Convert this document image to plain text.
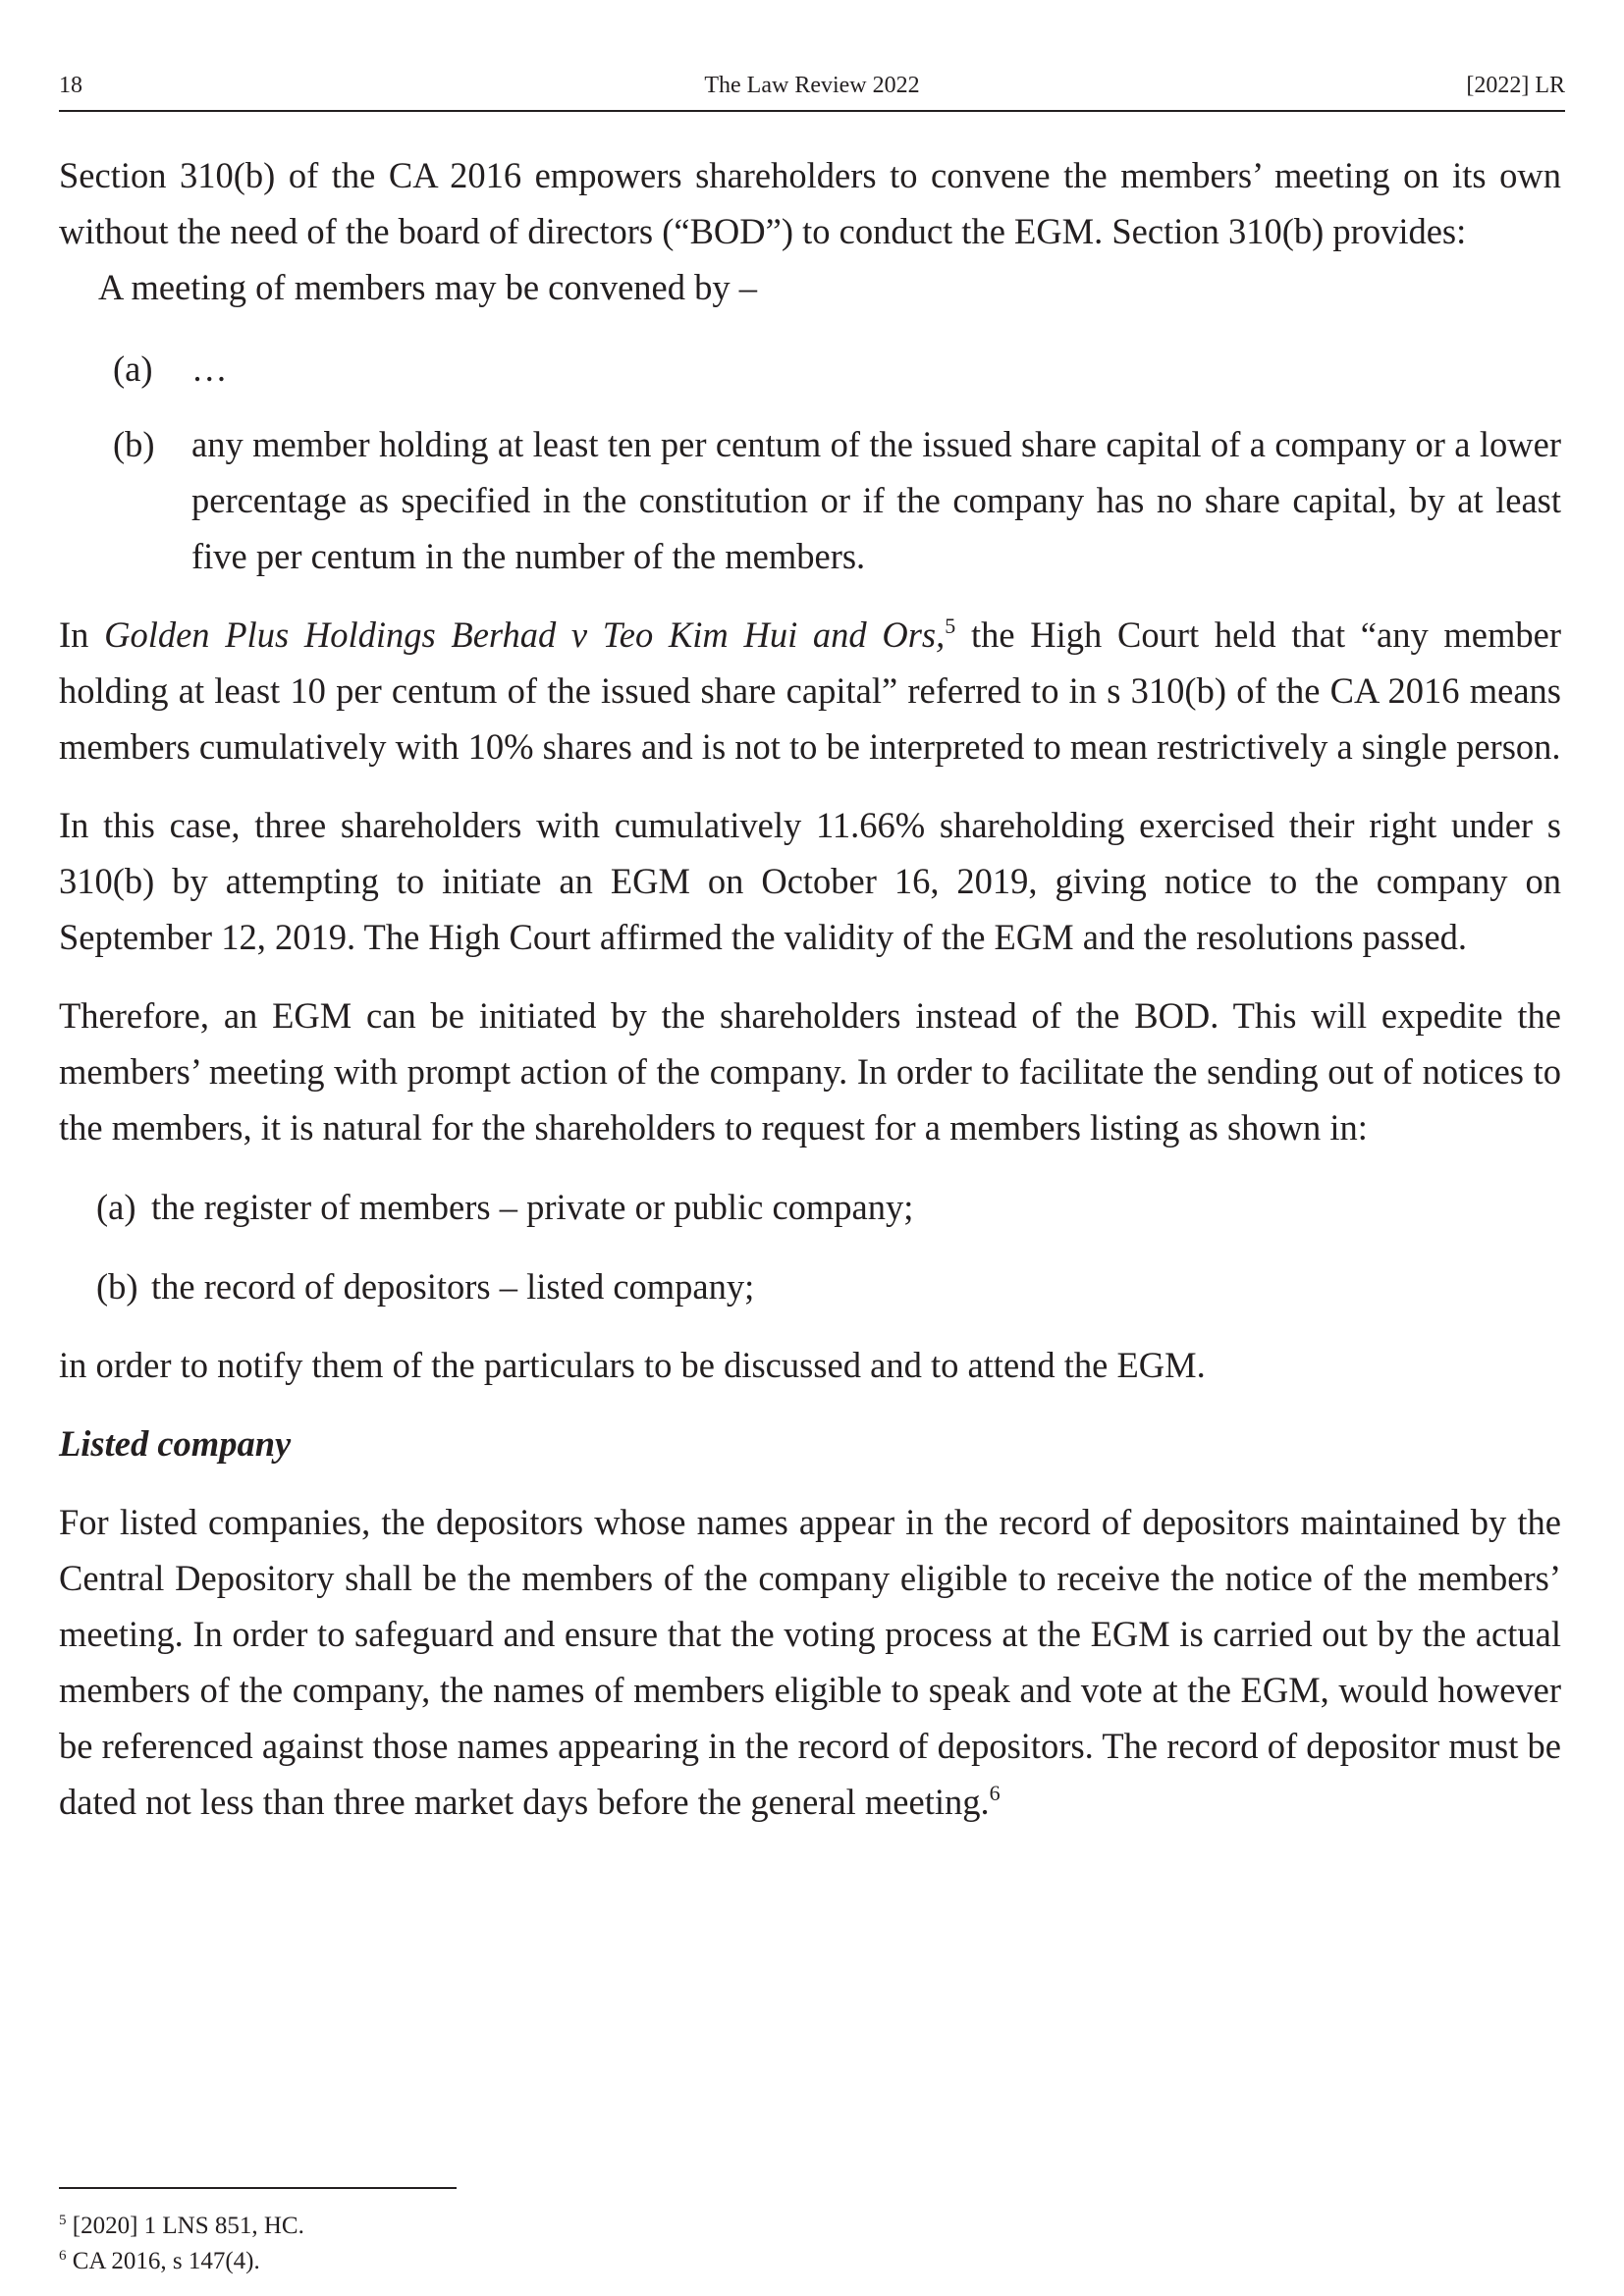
18	The Law Review 2022	[2022] LR

Section 310(b) of the CA 2016 empowers shareholders to convene the members’ meeting on its own without the need of the board of directors (“BOD”) to conduct the EGM. Section 310(b) provides:

A meeting of members may be convened by –

(a)	…
(b)	any member holding at least ten per centum of the issued share capital of a company or a lower percentage as specified in the constitution or if the company has no share capital, by at least five per centum in the number of the members.

In Golden Plus Holdings Berhad v Teo Kim Hui and Ors,$^5$ the High Court held that “any member holding at least 10 per centum of the issued share capital” referred to in s 310(b) of the CA 2016 means members cumulatively with 10% shares and is not to be interpreted to mean restrictively a single person.

In this case, three shareholders with cumulatively 11.66% shareholding exercised their right under s 310(b) by attempting to initiate an EGM on October 16, 2019, giving notice to the company on September 12, 2019. The High Court affirmed the validity of the EGM and the resolutions passed.

Therefore, an EGM can be initiated by the shareholders instead of the BOD. This will expedite the members’ meeting with prompt action of the company. In order to facilitate the sending out of notices to the members, it is natural for the shareholders to request for a members listing as shown in:

(a) the register of members – private or public company;
(b) the record of depositors – listed company;

in order to notify them of the particulars to be discussed and to attend the EGM.

Listed company

For listed companies, the depositors whose names appear in the record of depositors maintained by the Central Depository shall be the members of the company eligible to receive the notice of the members’ meeting. In order to safeguard and ensure that the voting process at the EGM is carried out by the actual members of the company, the names of members eligible to speak and vote at the EGM, would however be referenced against those names appearing in the record of depositors. The record of depositor must be dated not less than three market days before the general meeting.$^6$

$^5$ [2020] 1 LNS 851, HC.
$^6$ CA 2016, s 147(4).
